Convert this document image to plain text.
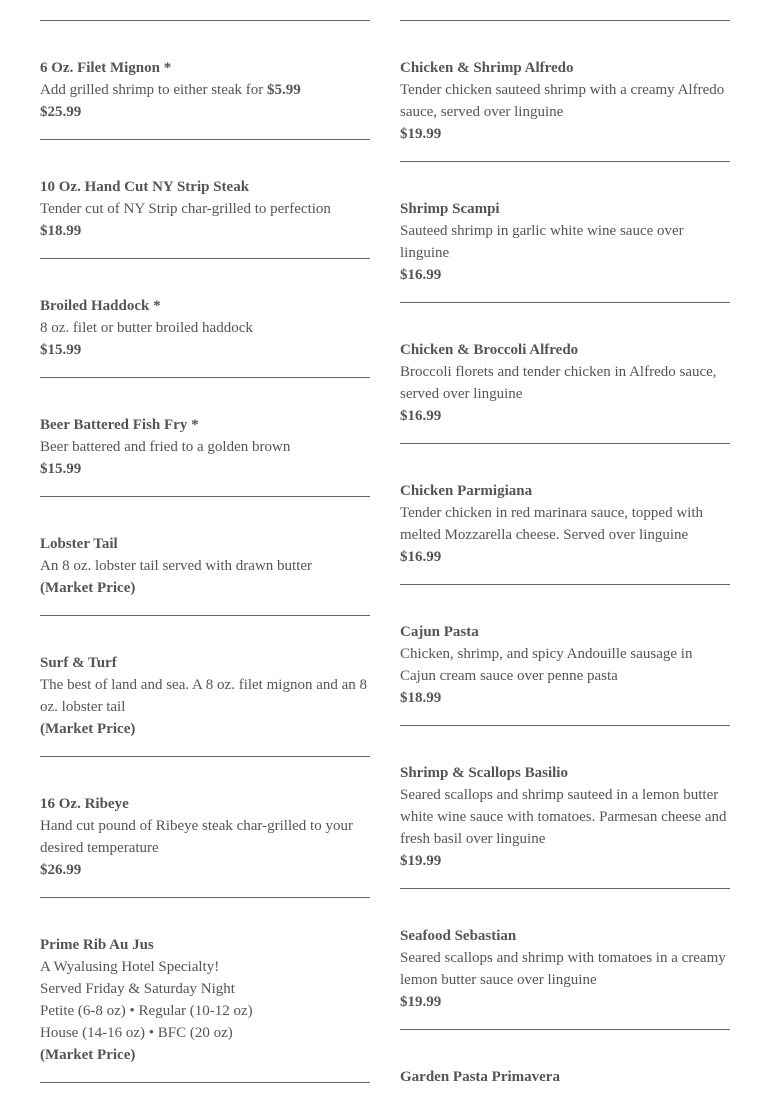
6 Oz. Filet Mignon *

Add grilled shrimp to either steak for $5.99

$25.99

10 Oz. Hand Cut NY Strip Steak

Tender cut of NY Strip char-grilled to perfection

$18.99

Broiled Haddock *

8 oz. filet or butter broiled haddock

$15.99

Beer Battered Fish Fry *

Beer battered and fried to a golden brown

$15.99

Lobster Tail

An 8 oz. lobster tail served with drawn butter

(Market Price)

Surf & Turf

The best of land and sea. A 8 oz. filet mignon and an 8 oz. lobster tail

(Market Price)

16 Oz. Ribeye

Hand cut pound of Ribeye steak char-grilled to your desired temperature

$26.99

Prime Rib Au Jus

A Wyalusing Hotel Specialty!

Served Friday & Saturday Night

Petite (6-8 oz) • Regular (10-12 oz)

House (14-16 oz) • BFC (20 oz)

(Market Price)

Chicken & Shrimp Alfredo

Tender chicken sauteed shrimp with a creamy Alfredo sauce, served over linguine

$19.99

Shrimp Scampi

Sauteed shrimp in garlic white wine sauce over linguine

$16.99

Chicken & Broccoli Alfredo

Broccoli florets and tender chicken in Alfredo sauce, served over linguine

$16.99

Chicken Parmigiana

Tender chicken in red marinara sauce, topped with melted Mozzarella cheese. Served over linguine

$16.99

Cajun Pasta

Chicken, shrimp, and spicy Andouille sausage in Cajun cream sauce over penne pasta

$18.99

Shrimp & Scallops Basilio

Seared scallops and shrimp sauteed in a lemon butter white wine sauce with tomatoes. Parmesan cheese and fresh basil over linguine

$19.99

Seafood Sebastian

Seared scallops and shrimp with tomatoes in a creamy lemon butter sauce over linguine

$19.99

Garden Pasta Primavera
